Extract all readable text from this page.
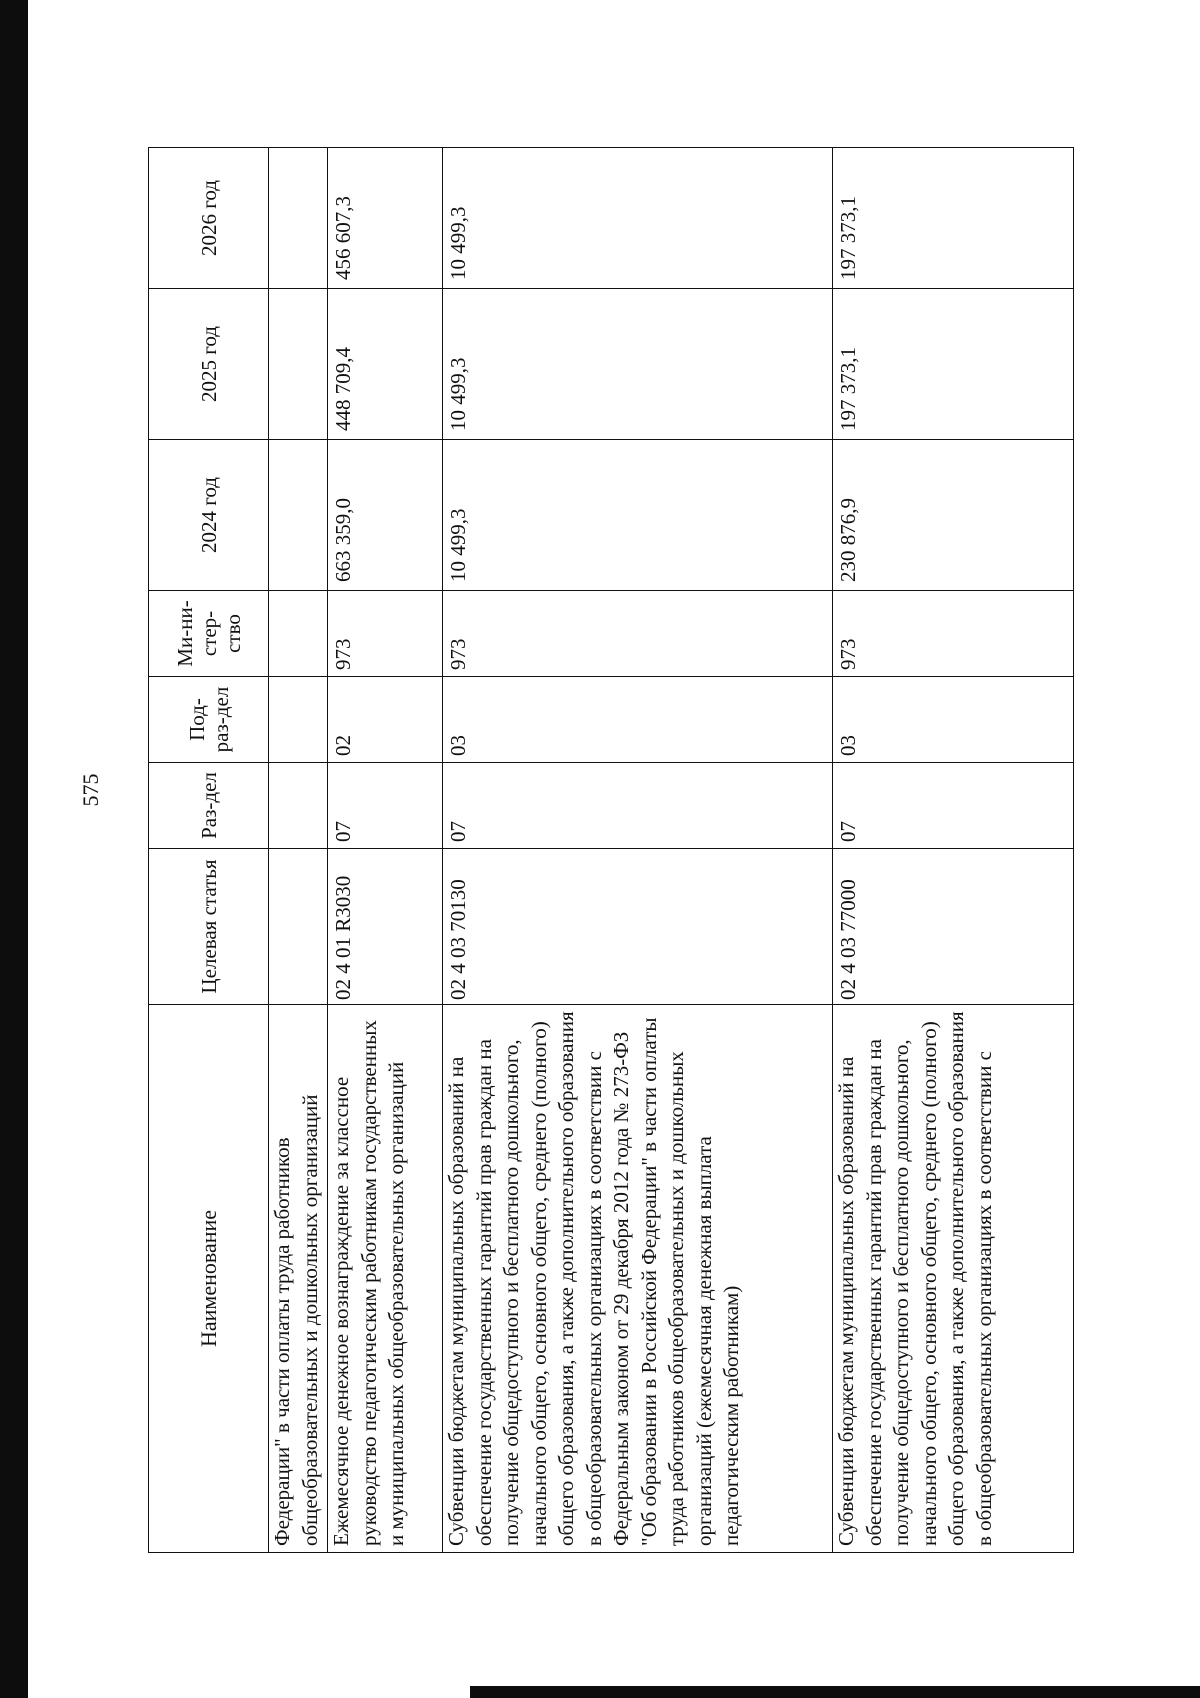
575
Наименование	Целевая статья	Раз-дел	Под-раз-дел	Ми-ни-стер-ство	2024 год	2025 год	2026 год
Федерации" в части оплаты труда работников общеобразовательных и дошкольных организаций							
Ежемесячное денежное вознаграждение за классное руководство педагогическим работникам государственных и муниципальных общеобразовательных организаций	02 4 01 R3030	07	02	973	663 359,0	448 709,4	456 607,3
Субвенции бюджетам муниципальных образований на обеспечение государственных гарантий прав граждан на получение общедоступного и бесплатного дошкольного, начального общего, основного общего, среднего (полного) общего образования, а также дополнительного образования в общеобразовательных организациях в соответствии с Федеральным законом от 29 декабря 2012 года № 273-ФЗ "Об образовании в Российской Федерации" в части оплаты труда работников общеобразовательных и дошкольных организаций (ежемесячная денежная выплата педагогическим работникам)	02 4 03 70130	07	03	973	10 499,3	10 499,3	10 499,3
Субвенции бюджетам муниципальных образований на обеспечение государственных гарантий прав граждан на получение общедоступного и бесплатного дошкольного, начального общего, основного общего, среднего (полного) общего образования, а также дополнительного образования в общеобразовательных организациях в соответствии с	02 4 03 77000	07	03	973	230 876,9	197 373,1	197 373,1
